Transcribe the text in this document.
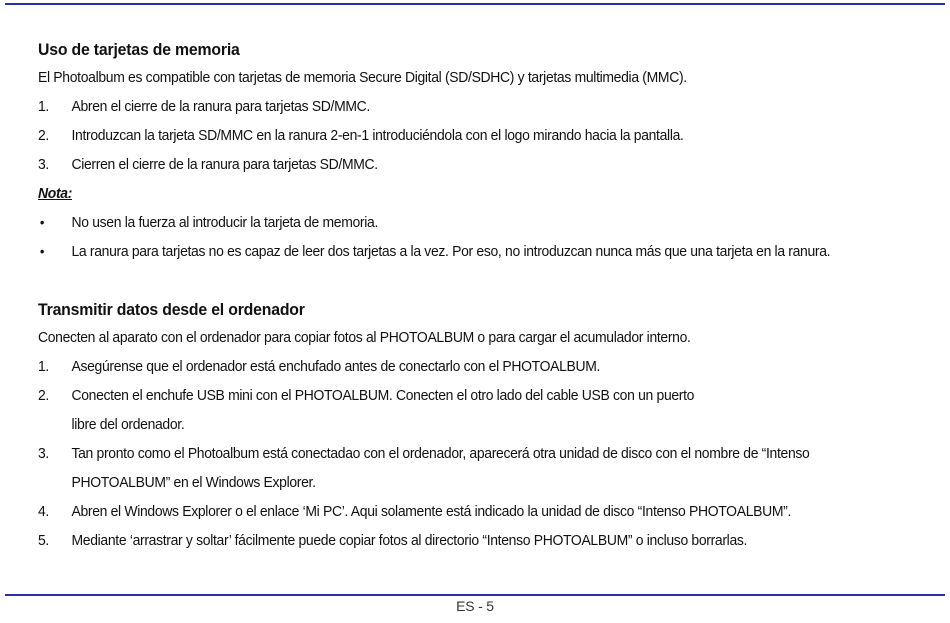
Uso de tarjetas de memoria
El Photoalbum es compatible con tarjetas de memoria Secure Digital (SD/SDHC) y tarjetas multimedia (MMC).
1. Abren el cierre de la ranura para tarjetas SD/MMC.
2. Introduzcan la tarjeta SD/MMC en la ranura 2-en-1 introduciéndola con el logo mirando hacia la pantalla.
3. Cierren el cierre de la ranura para tarjetas SD/MMC.
Nota:
• No usen la fuerza al introducir la tarjeta de memoria.
• La ranura para tarjetas no es capaz de leer dos tarjetas a la vez. Por eso, no introduzcan nunca más que una tarjeta en la ranura.
Transmitir datos desde el ordenador
Conecten al aparato con el ordenador para copiar fotos al PHOTOALBUM o para cargar el acumulador interno.
1. Asegúrense que el ordenador está enchufado antes de conectarlo con el PHOTOALBUM.
2. Conecten el enchufe USB mini con el PHOTOALBUM. Conecten el otro lado del cable USB con un puerto
libre del ordenador.
3. Tan pronto como el Photoalbum está conectadao con el ordenador, aparecerá otra unidad de disco con el nombre de “Intenso
PHOTOALBUM” en el Windows Explorer.
4. Abren el Windows Explorer o el enlace ‘Mi PC’. Aqui solamente está indicado la unidad de disco “Intenso PHOTOALBUM”.
5. Mediante ‘arrastrar y soltar’ fácilmente puede copiar fotos al directorio “Intenso PHOTOALBUM” o incluso borrarlas.
ES - 5
